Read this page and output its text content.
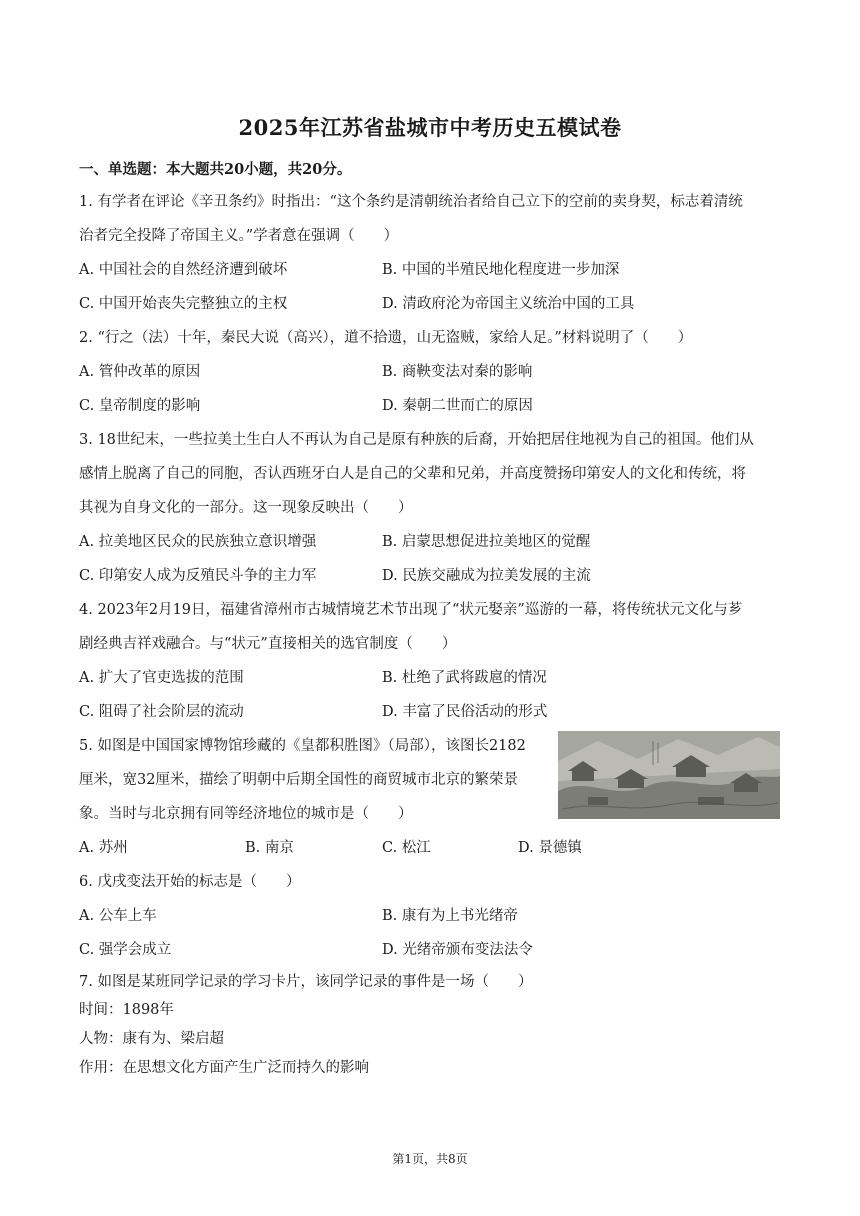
2025年江苏省盐城市中考历史五模试卷
一、单选题：本大题共20小题，共20分。
1. 有学者在评论《辛丑条约》时指出：“这个条约是清朝统治者给自己立下的空前的卖身契，标志着清统
治者完全投降了帝国主义。”学者意在强调（　　）
A. 中国社会的自然经济遭到破坏	B. 中国的半殖民地化程度进一步加深
C. 中国开始丧失完整独立的主权	D. 清政府沦为帝国主义统治中国的工具
2. “行之（法）十年，秦民大说（高兴），道不拾遗，山无盗贼，家给人足。”材料说明了（　　）
A. 管仲改革的原因	B. 商鞅变法对秦的影响
C. 皇帝制度的影响	D. 秦朝二世而亡的原因
3. 18世纪末，一些拉美土生白人不再认为自己是原有种族的后裔，开始把居住地视为自己的祖国。他们从
感情上脱离了自己的同胞，否认西班牙白人是自己的父辈和兄弟，并高度赞扬印第安人的文化和传统，将
其视为自身文化的一部分。这一现象反映出（　　）
A. 拉美地区民众的民族独立意识增强	B. 启蒙思想促进拉美地区的觉醒
C. 印第安人成为反殖民斗争的主力军	D. 民族交融成为拉美发展的主流
4. 2023年2月19日，福建省漳州市古城情境艺术节出现了“状元娶亲”巡游的一幕，将传统状元文化与芗
剧经典吉祥戏融合。与“状元”直接相关的选官制度（　　）
A. 扩大了官吏选拔的范围	B. 杜绝了武将跋扈的情况
C. 阻碍了社会阶层的流动	D. 丰富了民俗活动的形式
5. 如图是中国国家博物馆珍藏的《皇都积胜图》（局部），该图长2182
厘米，宽32厘米，描绘了明朝中后期全国性的商贸城市北京的繁荣景
象。当时与北京拥有同等经济地位的城市是（　　）
A. 苏州	B. 南京	C. 松江	D. 景德镇
6. 戊戌变法开始的标志是（　　）
A. 公车上车	B. 康有为上书光绪帝
C. 强学会成立	D. 光绪帝颁布变法法令
7. 如图是某班同学记录的学习卡片，该同学记录的事件是一场（　　）
时间：1898年
人物：康有为、梁启超
作用：在思想文化方面产生广泛而持久的影响
第1页，共8页
